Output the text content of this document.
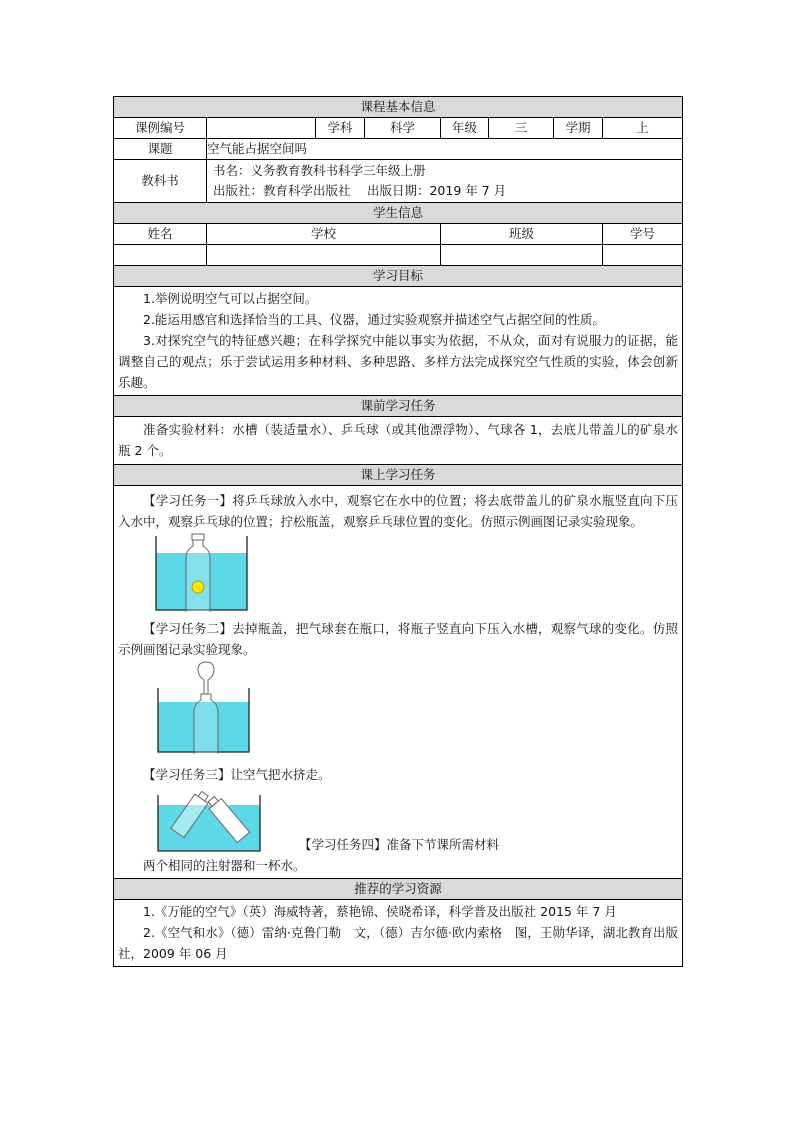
课程基本信息							
课例编号		学科	科学	年级	三	学期	上
课题	空气能占据空间吗						
教科书	书名：义务教育教科书科学三年级上册
出版社：教育科学出版社　 出版日期：2019 年 7 月						

学生信息							
姓名	学校			班级			学号

学习目标							

1.举例说明空气可以占据空间。
2.能运用感官和选择恰当的工具、仪器，通过实验观察并描述空气占据空间的性质。
3.对探究空气的特征感兴趣；在科学探究中能以事实为依据，不从众，面对有说服力的证据，能调整自己的观点；乐于尝试运用多种材料、多种思路、多样方法完成探究空气性质的实验，体会创新乐趣。							

课前学习任务							

准备实验材料：水槽（装适量水）、乒乓球（或其他漂浮物）、气球各 1，去底儿带盖儿的矿泉水瓶 2 个。							

课上学习任务							

【学习任务一】将乒乓球放入水中，观察它在水中的位置；将去底带盖儿的矿泉水瓶竖直向下压入水中，观察乒乓球的位置；拧松瓶盖，观察乒乓球位置的变化。仿照示例画图记录实验现象。
【学习任务二】去掉瓶盖，把气球套在瓶口，将瓶子竖直向下压入水槽，观察气球的变化。仿照示例画图记录实验现象。
【学习任务三】让空气把水挤走。
【学习任务四】准备下节课所需材料
两个相同的注射器和一杯水。							

推荐的学习资源							

1.《万能的空气》（英）海威特著，蔡艳锦、侯晓希译，科学普及出版社 2015 年 7 月
2.《空气和水》（德）雷纳·克鲁门勒　文，（德）吉尔德·欧内索格　图，王勋华译，湖北教育出版社，2009 年 06 月							
